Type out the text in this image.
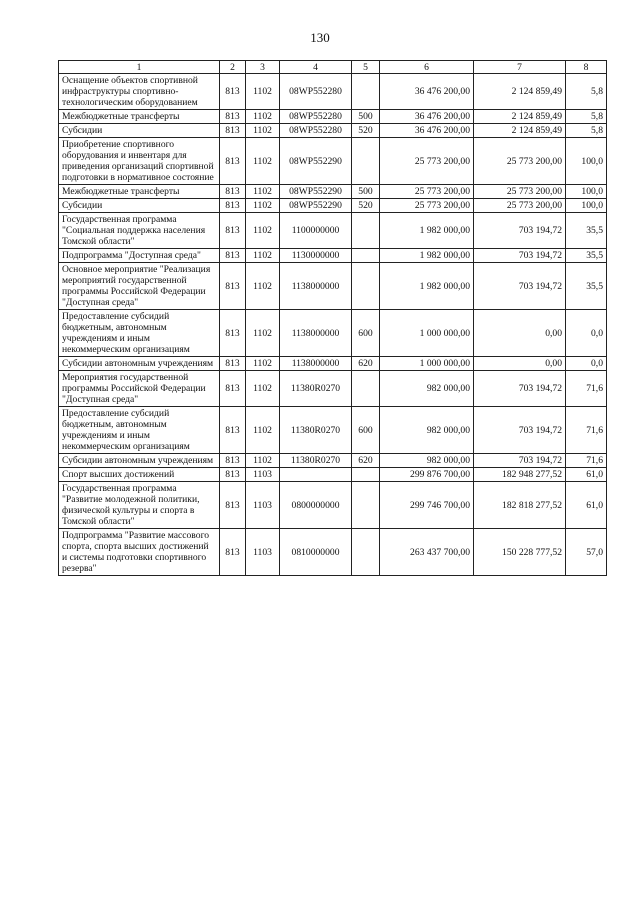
130
1	2	3	4	5	6	7	8
Оснащение объектов спортивной инфраструктуры спортивно-технологическим оборудованием	813	1102	08WP552280		36 476 200,00	2 124 859,49	5,8
Межбюджетные трансферты	813	1102	08WP552280	500	36 476 200,00	2 124 859,49	5,8
Субсидии	813	1102	08WP552280	520	36 476 200,00	2 124 859,49	5,8
Приобретение спортивного оборудования и инвентаря для приведения организаций спортивной подготовки в нормативное состояние	813	1102	08WP552290		25 773 200,00	25 773 200,00	100,0
Межбюджетные трансферты	813	1102	08WP552290	500	25 773 200,00	25 773 200,00	100,0
Субсидии	813	1102	08WP552290	520	25 773 200,00	25 773 200,00	100,0
Государственная программа "Социальная поддержка населения Томской области"	813	1102	1100000000		1 982 000,00	703 194,72	35,5
Подпрограмма "Доступная среда"	813	1102	1130000000		1 982 000,00	703 194,72	35,5
Основное мероприятие "Реализация мероприятий государственной программы Российской Федерации "Доступная среда"	813	1102	1138000000		1 982 000,00	703 194,72	35,5
Предоставление субсидий бюджетным, автономным учреждениям и иным некоммерческим организациям	813	1102	1138000000	600	1 000 000,00	0,00	0,0
Субсидии автономным учреждениям	813	1102	1138000000	620	1 000 000,00	0,00	0,0
Мероприятия государственной программы Российской Федерации "Доступная среда"	813	1102	11380R0270		982 000,00	703 194,72	71,6
Предоставление субсидий бюджетным, автономным учреждениям и иным некоммерческим организациям	813	1102	11380R0270	600	982 000,00	703 194,72	71,6
Субсидии автономным учреждениям	813	1102	11380R0270	620	982 000,00	703 194,72	71,6
Спорт высших достижений	813	1103			299 876 700,00	182 948 277,52	61,0
Государственная программа "Развитие молодежной политики, физической культуры и спорта в Томской области"	813	1103	0800000000		299 746 700,00	182 818 277,52	61,0
Подпрограмма "Развитие массового спорта, спорта высших достижений и системы подготовки спортивного резерва"	813	1103	0810000000		263 437 700,00	150 228 777,52	57,0
